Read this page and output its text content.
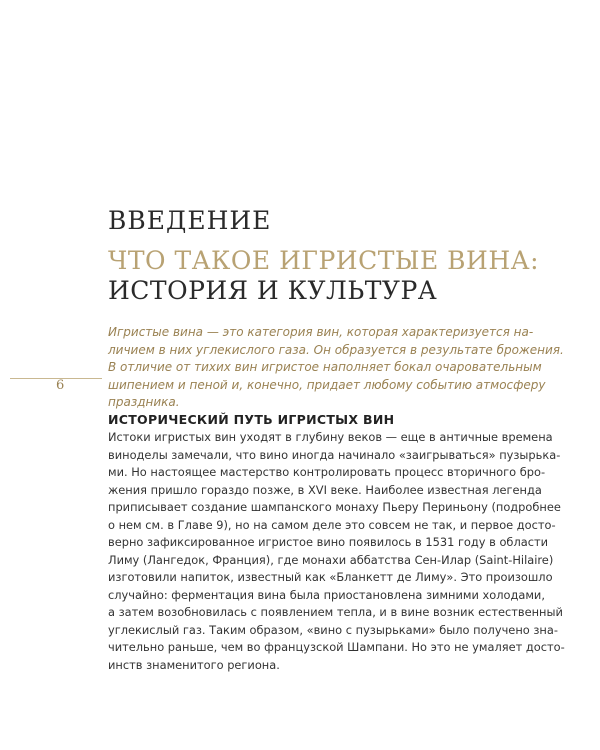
ВВЕДЕНИЕ
ЧТО ТАКОЕ ИГРИСТЫЕ ВИНА:
ИСТОРИЯ И КУЛЬТУРА
Игристые вина — это категория вин, которая характеризуется на-
личием в них углекислого газа. Он образуется в результате брожения.
В отличие от тихих вин игристое наполняет бокал очаровательным
шипением и пеной и, конечно, придает любому событию атмосферу
праздника.
6
ИСТОРИЧЕСКИЙ ПУТЬ ИГРИСТЫХ ВИН
Истоки игристых вин уходят в глубину веков — еще в античные времена
виноделы замечали, что вино иногда начинало «заигрываться» пузырька-
ми. Но настоящее мастерство контролировать процесс вторичного бро-
жения пришло гораздо позже, в XVI веке. Наиболее известная легенда
приписывает создание шампанского монаху Пьеру Периньону (подробнее
о нем см. в Главе 9), но на самом деле это совсем не так, и первое досто-
верно зафиксированное игристое вино появилось в 1531 году в области
Лиму (Лангедок, Франция), где монахи аббатства Сен-Илар (Saint-Hilaire)
изготовили напиток, известный как «Бланкетт де Лиму». Это произошло
случайно: ферментация вина была приостановлена зимними холодами,
а затем возобновилась с появлением тепла, и в вине возник естественный
углекислый газ. Таким образом, «вино с пузырьками» было получено зна-
чительно раньше, чем во французской Шампани. Но это не умаляет досто-
инств знаменитого региона.
